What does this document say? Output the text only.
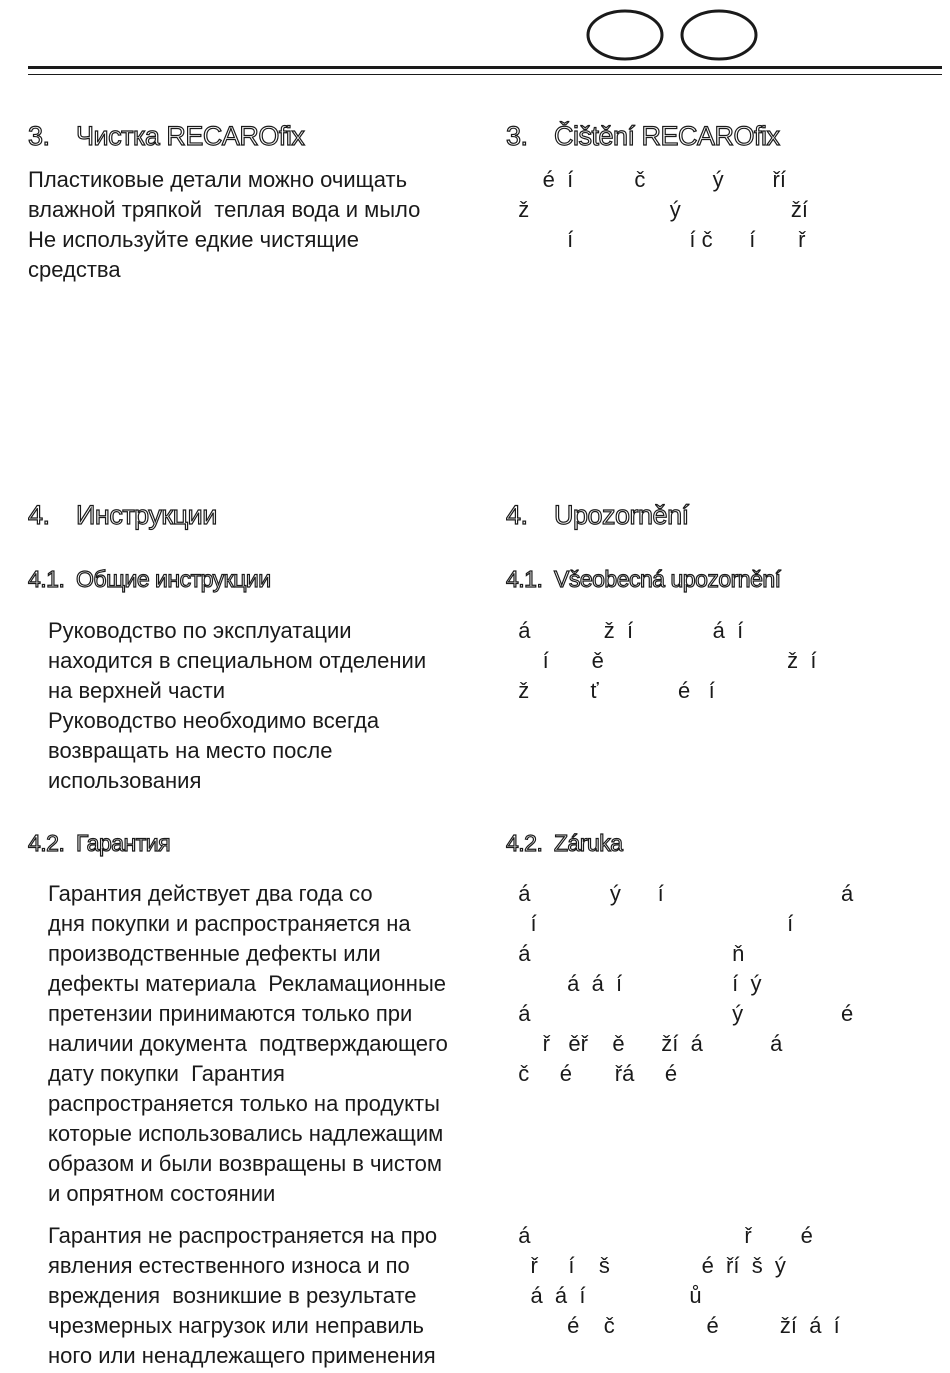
3. Чистка RECAROfix
Пластиковые детали можно очищать
влажной тряпкой  теплая вода и мыло
Не используйте едкие чистящие
средства
4. Инструкции
4.1. Общие инструкции
Руководство по эксплуатации
находится в специальном отделении
на верхней части
Руководство необходимо всегда
возвращать на место после
использования
4.2. Гарантия
Гарантия действует два года со
дня покупки и распространяется на
производственные дефекты или
дефекты материала  Рекламационные
претензии принимаются только при
наличии документа  подтверждающего
дату покупки  Гарантия
распространяется только на продукты
которые использовались надлежащим
образом и были возвращены в чистом
и опрятном состоянии
Гарантия не распространяется на про
явления естественного износа и по
вреждения  возникшие в результате
чрезмерных нагрузок или неправиль
ного или ненадлежащего применения
3. Čištění RECAROfix
é  í          č           ý        ří
ž                       ý                  ží
í                   í č      í       ř
4. Upozornění
4.1. Všeobecná upozornění
á            ž  í             á  í
í       ě                              ž  í
ž          ť             é   í
4.2. Záruka
á             ý      í                             á
í                                         í
á                                 ň
á  á  í                  í  ý
á                                 ý                é
ř   ěř    ě      ží  á           á
č     é       řá     é
á                                   ř        é
ř     í    š               é  ří  š  ý
á  á  í                 ů
é    č               é          ží  á  í
